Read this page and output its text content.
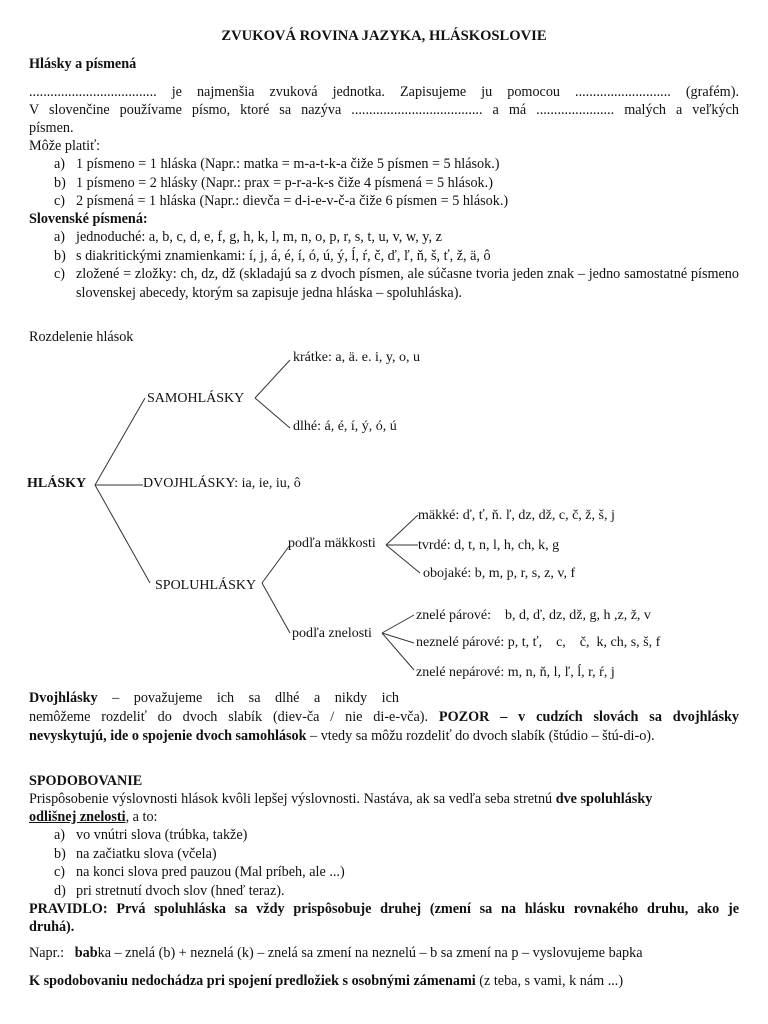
ZVUKOVÁ ROVINA JAZYKA, HLÁSKOSLOVIE
Hlásky a písmená
.................................... je najmenšia zvuková jednotka. Zapisujeme ju pomocou ........................... (grafém).
V slovenčine používame písmo, ktoré sa nazýva ..................................... a má ...................... malých a veľkých
písmen.
Môže platiť:
a) 1 písmeno = 1 hláska (Napr.: matka = m-a-t-k-a čiže 5 písmen = 5 hlások.)
b) 1 písmeno = 2 hlásky (Napr.: prax = p-r-a-k-s čiže 4 písmená = 5 hlások.)
c) 2 písmená = 1 hláska (Napr.: dievča = d-i-e-v-č-a čiže 6 písmen = 5 hlások.)
Slovenské písmená:
a) jednoduché: a, b, c, d, e, f, g, h, k, l, m, n, o, p, r, s, t, u, v, w, y, z
b) s diakritickými znamienkami: í, j, á, é, í, ó, ú, ý, ĺ, ŕ, č, ď, ľ, ň, š, ť, ž, ä, ô
c) zložené = zložky: ch, dz, dž (skladajú sa z dvoch písmen, ale súčasne tvoria jeden znak – jedno samostatné písmeno slovenskej abecedy, ktorým sa zapisuje jedna hláska – spoluhláska).
Rozdelenie hlások
HLÁSKY
SAMOHLÁSKY
krátke: a, ä. e. i, y, o, u
dlhé: á, é, í, ý, ó, ú
DVOJHLÁSKY: ia, ie, iu, ô
SPOLUHLÁSKY
podľa mäkkosti
mäkké: ď, ť, ň. ľ, dz, dž, c, č, ž, š, j
tvrdé: d, t, n, l, h, ch, k, g
obojaké: b, m, p, r, s, z, v, f
podľa znelosti
znelé párové:    b, d, ď, dz, dž, g, h ,z, ž, v
neznelé párové: p, t, ť,    c,    č,  k, ch, s, š, f
znelé nepárové: m, n, ň, l, ľ, ĺ, r, ŕ, j
Dvojhlásky – považujeme ich sa dlhé a nikdy ich
nemôžeme rozdeliť do dvoch slabík (diev-ča / nie di-e-vča). POZOR – v cudzích slovách sa dvojhlásky
nevyskytujú, ide o spojenie dvoch samohlások – vtedy sa môžu rozdeliť do dvoch slabík (štúdio – štú-di-o).
SPODOBOVANIE
Prispôsobenie výslovnosti hlások kvôli lepšej výslovnosti. Nastáva, ak sa vedľa seba stretnú dve spoluhlásky
odlišnej znelosti, a to:
a) vo vnútri slova (trúbka, takže)
b) na začiatku slova (včela)
c) na konci slova pred pauzou (Mal príbeh, ale ...)
d) pri stretnutí dvoch slov (hneď teraz).
PRAVIDLO: Prvá spoluhláska sa vždy prispôsobuje druhej (zmení sa na hlásku rovnakého druhu, ako je
druhá).
Napr.: babka – znelá (b) + neznelá (k) – znelá sa zmení na neznelú – b sa zmení na p – vyslovujeme bapka
K spodobovaniu nedochádza pri spojení predložiek s osobnými zámenami (z teba, s vami, k nám ...)
